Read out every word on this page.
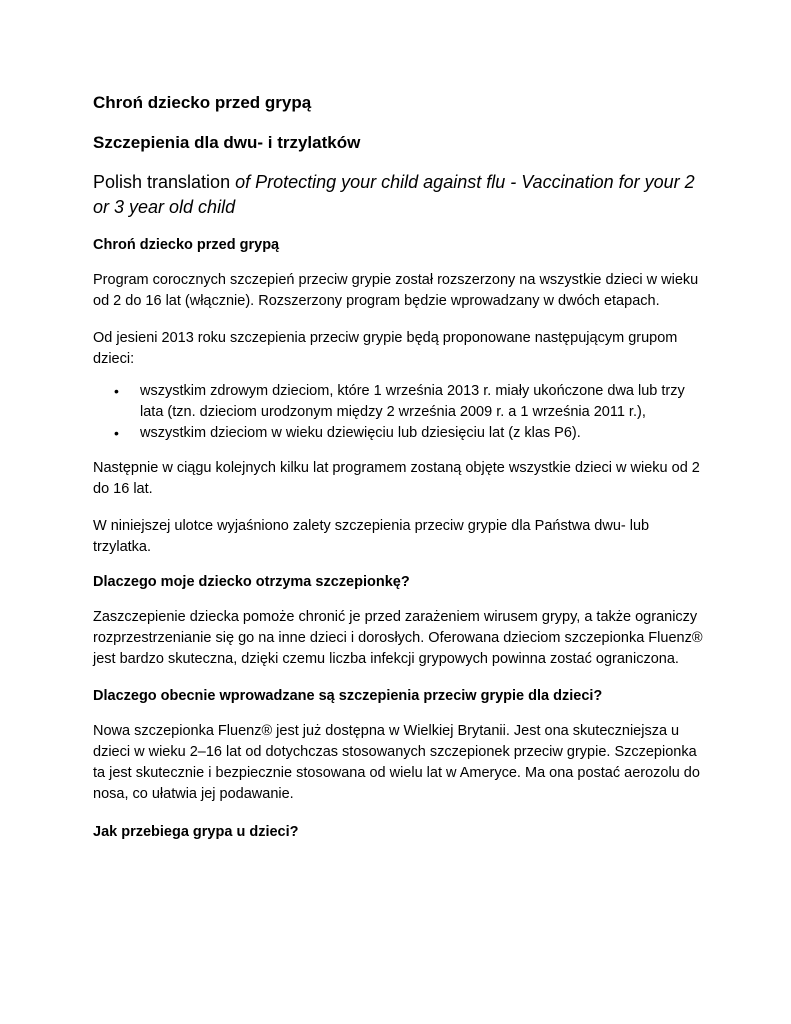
Chroń dziecko przed grypą
Szczepienia dla dwu- i trzylatków
Polish translation of Protecting your child against flu - Vaccination for your 2 or 3 year old child
Chroń dziecko przed grypą

Program corocznych szczepień przeciw grypie został rozszerzony na wszystkie dzieci w wieku od 2 do 16 lat (włącznie). Rozszerzony program będzie wprowadzany w dwóch etapach.

Od jesieni 2013 roku szczepienia przeciw grypie będą proponowane następującym grupom dzieci:

• wszystkim zdrowym dzieciom, które 1 września 2013 r. miały ukończone dwa lub trzy lata (tzn. dzieciom urodzonym między 2 września 2009 r. a 1 września 2011 r.),
• wszystkim dzieciom w wieku dziewięciu lub dziesięciu lat (z klas P6).

Następnie w ciągu kolejnych kilku lat programem zostaną objęte wszystkie dzieci w wieku od 2 do 16 lat.

W niniejszej ulotce wyjaśniono zalety szczepienia przeciw grypie dla Państwa dwu- lub trzylatka.

Dlaczego moje dziecko otrzyma szczepionkę?

Zaszczepienie dziecka pomoże chronić je przed zarażeniem wirusem grypy, a także ograniczy rozprzestrzenianie się go na inne dzieci i dorosłych. Oferowana dzieciom szczepionka Fluenz® jest bardzo skuteczna, dzięki czemu liczba infekcji grypowych powinna zostać ograniczona.

Dlaczego obecnie wprowadzane są szczepienia przeciw grypie dla dzieci?

Nowa szczepionka Fluenz® jest już dostępna w Wielkiej Brytanii. Jest ona skuteczniejsza u dzieci w wieku 2–16 lat od dotychczas stosowanych szczepionek przeciw grypie. Szczepionka ta jest skutecznie i bezpiecznie stosowana od wielu lat w Ameryce. Ma ona postać aerozolu do nosa, co ułatwia jej podawanie.

Jak przebiega grypa u dzieci?
